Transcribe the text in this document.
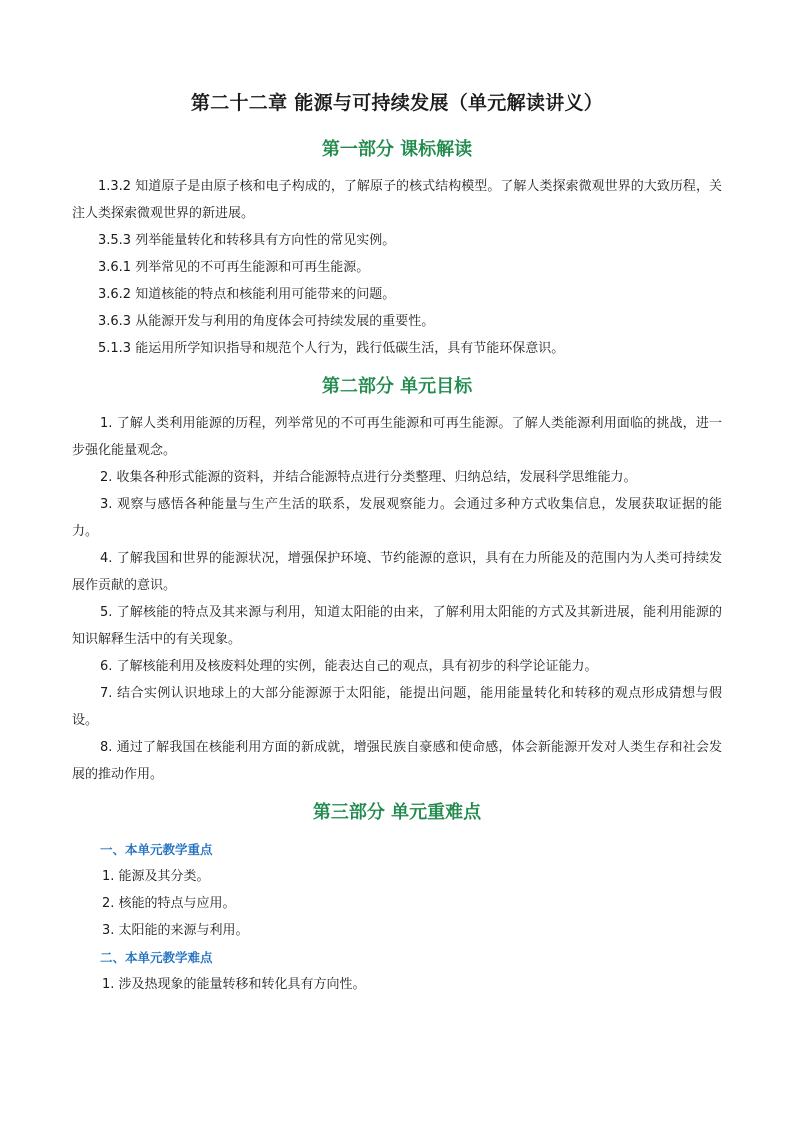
第二十二章 能源与可持续发展（单元解读讲义）
第一部分 课标解读

1.3.2 知道原子是由原子核和电子构成的，了解原子的核式结构模型。了解人类探索微观世界的大致历程，关注人类探索微观世界的新进展。

3.5.3 列举能量转化和转移具有方向性的常见实例。

3.6.1 列举常见的不可再生能源和可再生能源。

3.6.2 知道核能的特点和核能利用可能带来的问题。

3.6.3 从能源开发与利用的角度体会可持续发展的重要性。

5.1.3 能运用所学知识指导和规范个人行为，践行低碳生活，具有节能环保意识。

第二部分 单元目标

1. 了解人类利用能源的历程，列举常见的不可再生能源和可再生能源。了解人类能源利用面临的挑战，进一步强化能量观念。

2. 收集各种形式能源的资料，并结合能源特点进行分类整理、归纳总结，发展科学思维能力。

3. 观察与感悟各种能量与生产生活的联系，发展观察能力。会通过多种方式收集信息，发展获取证据的能力。

4. 了解我国和世界的能源状况，增强保护环境、节约能源的意识，具有在力所能及的范围内为人类可持续发展作贡献的意识。

5. 了解核能的特点及其来源与利用，知道太阳能的由来，了解利用太阳能的方式及其新进展，能利用能源的知识解释生活中的有关现象。

6. 了解核能利用及核废料处理的实例，能表达自己的观点，具有初步的科学论证能力。

7. 结合实例认识地球上的大部分能源源于太阳能，能提出问题，能用能量转化和转移的观点形成猜想与假设。

8. 通过了解我国在核能利用方面的新成就，增强民族自豪感和使命感，体会新能源开发对人类生存和社会发展的推动作用。

第三部分 单元重难点

一、本单元教学重点

1. 能源及其分类。

2. 核能的特点与应用。

3. 太阳能的来源与利用。

二、本单元教学难点

1. 涉及热现象的能量转移和转化具有方向性。
